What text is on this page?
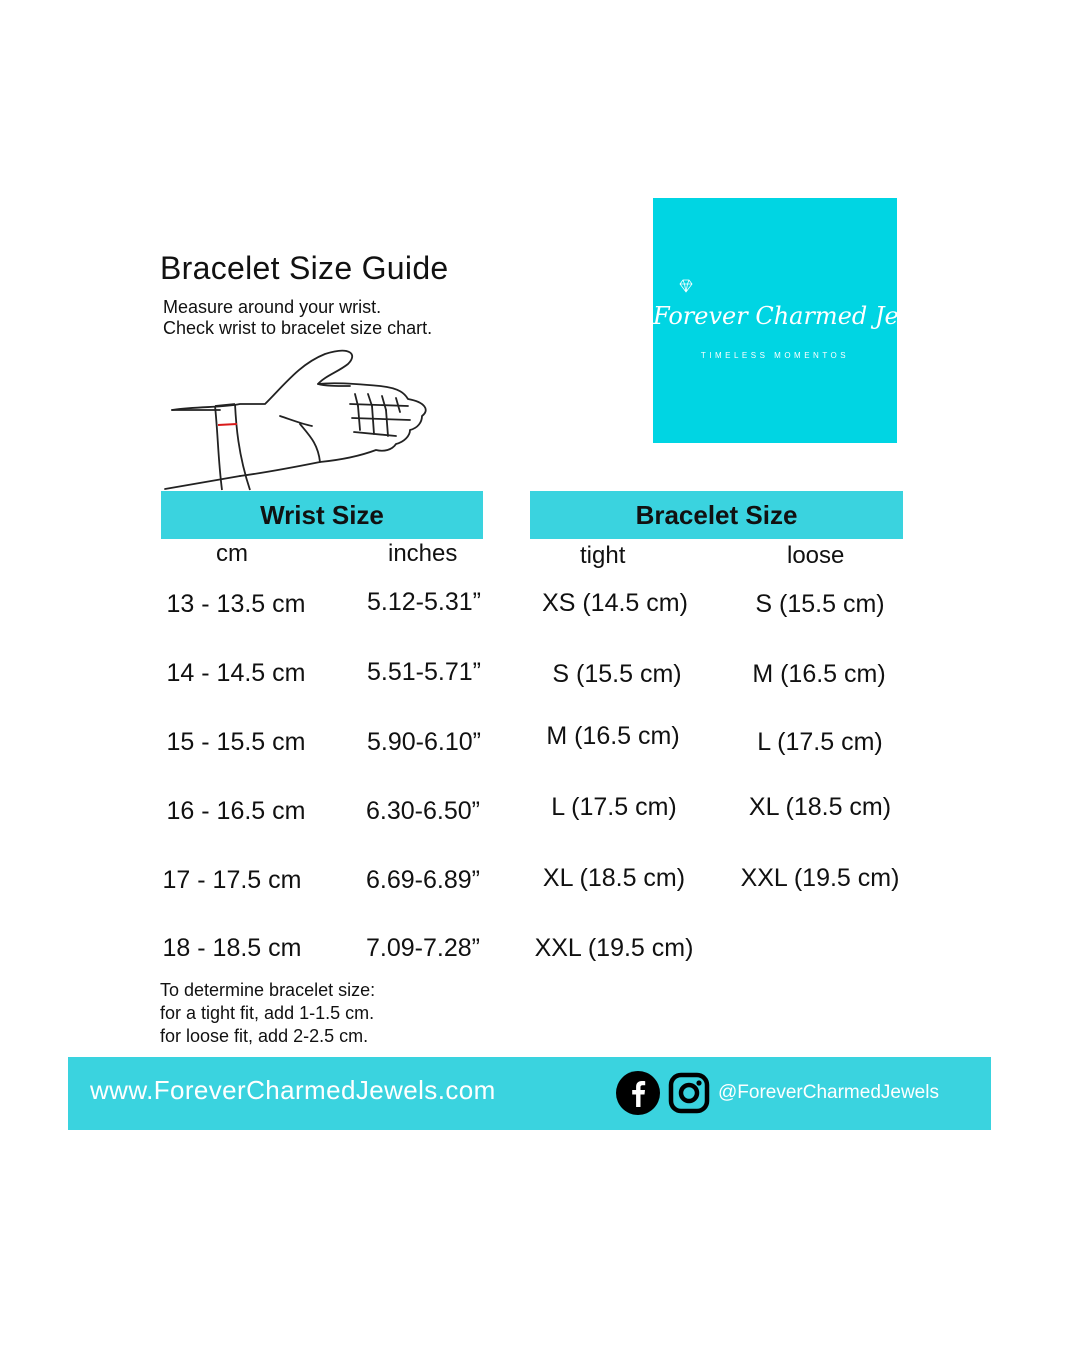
Bracelet Size Guide
Measure around your wrist.
Check wrist to bracelet size chart.	Forever Charmed Jewels
TIMELESS MOMENTOS
Wrist Size	Bracelet Size
cm	inches	tight	loose
13 - 13.5 cm	5.12-5.31”	XS (14.5 cm)	S (15.5 cm)
14 - 14.5 cm	5.51-5.71”	S (15.5 cm)	M (16.5 cm)
15 - 15.5 cm	5.90-6.10”	M (16.5 cm)	L (17.5 cm)
16 - 16.5 cm	6.30-6.50”	L (17.5 cm)	XL (18.5 cm)
17 - 17.5 cm	6.69-6.89”	XL (18.5 cm)	XXL (19.5 cm)
18 - 18.5 cm	7.09-7.28”	XXL (19.5 cm)
To determine bracelet size:
for a tight fit, add 1-1.5 cm.
for loose fit, add 2-2.5 cm.
www.ForeverCharmedJewels.com	@ForeverCharmedJewels
